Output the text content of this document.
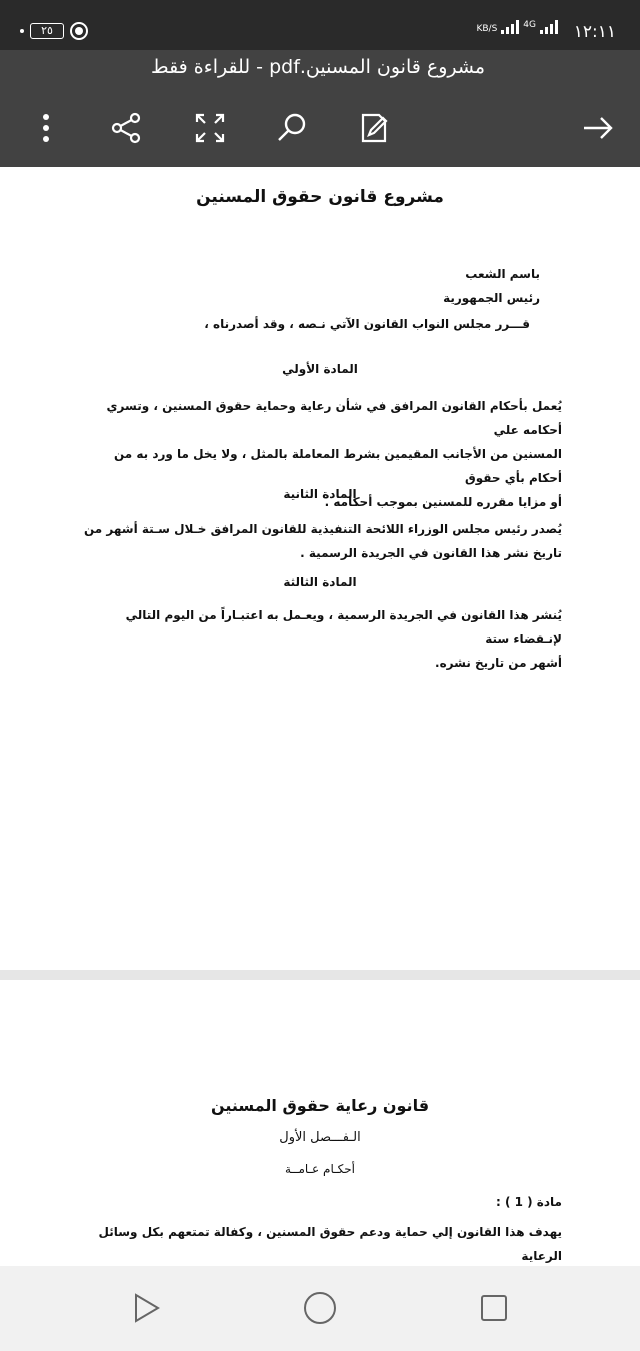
٢٥	KB/S	4G ١٢:١١
مشروع قانون المسنين.pdf - للقراءة فقط
مشروع قانون حقوق المسنين
باسم الشعب
رئيس الجمهورية
قـــرر مجلس النواب القانون الآتي نـصه ، وقد أصدرناه ،
المادة الأولي
يُعمل بأحكام القانون المرافق في شأن رعاية وحماية حقوق المسنين ، وتسري أحكامه علي
المسنين من الأجانب المقيمين بشرط المعاملة بالمثل ، ولا يخل ما ورد به من أحكام بأي حقوق
أو مزايا مقرره للمسنين بموجب أحكامه .
المادة الثانية
يُصدر رئيس مجلس الوزراء اللائحة التنفيذية للقانون المرافق خـلال سـتة أشهر من
تاريخ نشر هذا القانون في الجريدة الرسمية .
المادة الثالثة
يُنشر هذا القانون في الجريدة الرسمية ، ويعـمل به اعتبـاراً من اليوم التالي لإنـقضاء ستة
أشهر من تاريخ نشره.
قانون رعاية حقوق المسنين
الـفـــصل الأول
أحكـام عـامــة
مادة ( 1 ) :
يهدف هذا القانون إلي حماية ودعم حقوق المسنين ، وكفالة تمتعهم بكل وسائل الرعاية
